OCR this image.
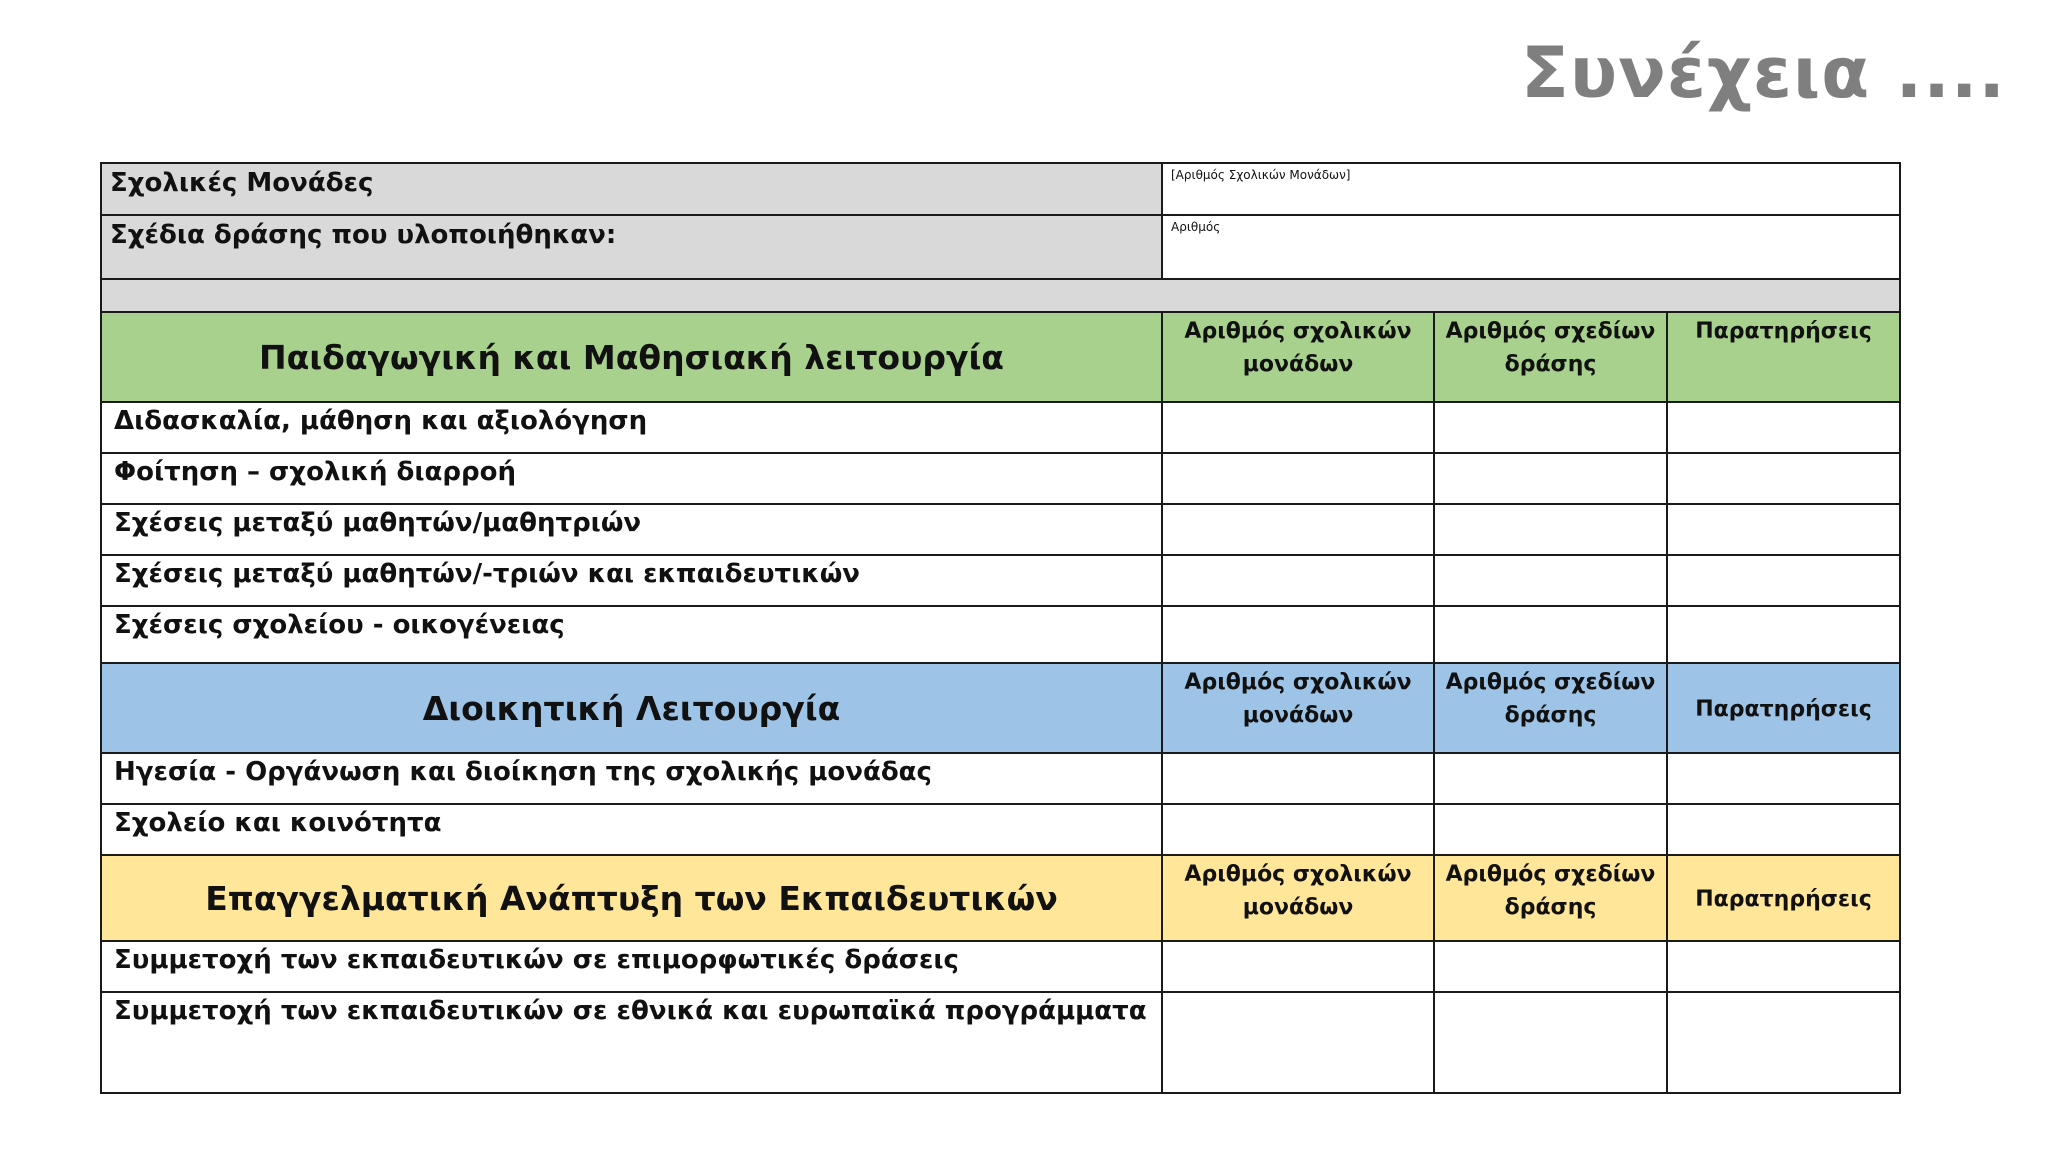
Συνέχεια ....
Σχολικές Μονάδες	[Αριθμός Σχολικών Μονάδων]		
Σχέδια δράσης που υλοποιήθηκαν:	Αριθμός		

Παιδαγωγική και Μαθησιακή λειτουργία	Αριθμός σχολικών μονάδων	Αριθμός σχεδίων δράσης	Παρατηρήσεις
Διδασκαλία, μάθηση και αξιολόγηση			
Φοίτηση – σχολική διαρροή			
Σχέσεις μεταξύ μαθητών/μαθητριών			
Σχέσεις μεταξύ μαθητών/-τριών και εκπαιδευτικών			
Σχέσεις σχολείου - οικογένειας			
Διοικητική Λειτουργία	Αριθμός σχολικών μονάδων	Αριθμός σχεδίων δράσης	Παρατηρήσεις
Ηγεσία - Οργάνωση και διοίκηση της σχολικής μονάδας			
Σχολείο και κοινότητα			
Επαγγελματική Ανάπτυξη των Εκπαιδευτικών	Αριθμός σχολικών μονάδων	Αριθμός σχεδίων δράσης	Παρατηρήσεις
Συμμετοχή των εκπαιδευτικών σε επιμορφωτικές δράσεις			
Συμμετοχή των εκπαιδευτικών σε εθνικά και ευρωπαϊκά προγράμματα			
